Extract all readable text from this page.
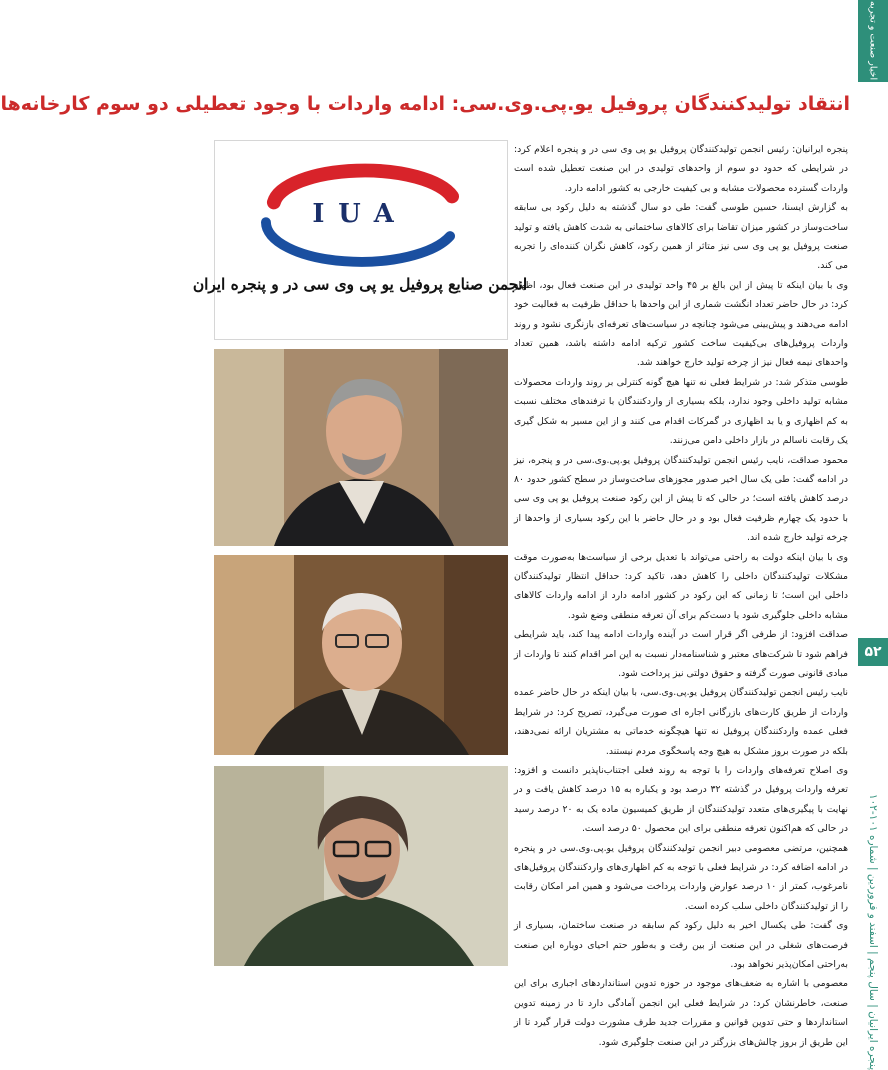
اخبار صنعت و تجربه
پنجره ایرانیان | سال پنجم | اسفند و فروردین | شماره ۱۰۱-۱۰۲
۵۲
انتقاد تولیدکنندگان پروفیل یو.پی.وی.سی: ادامه واردات با وجود تعطیلی دو سوم کارخانه‌ها

پنجره ایرانیان: رئیس انجمن تولیدکنندگان پروفیل یو پی وی سی در و پنجره اعلام کرد: در شرایطی که حدود دو سوم از واحدهای تولیدی در این صنعت تعطیل شده است واردات گسترده محصولات مشابه و بی کیفیت خارجی به کشور ادامه دارد.

به گزارش ایسنا، حسین طوسی گفت: طی دو سال گذشته به دلیل رکود بی سابقه ساخت‌وساز در کشور میزان تقاضا برای کالاهای ساختمانی به شدت کاهش یافته و تولید صنعت پروفیل یو پی وی سی نیز متاثر از همین رکود، کاهش نگران کننده‌ای را تجربه می کند.

وی با بیان اینکه تا پیش از این بالغ بر ۴۵ واحد تولیدی در این صنعت فعال بود، اظهار کرد: در حال حاضر تعداد انگشت شماری از این واحدها با حداقل ظرفیت به فعالیت خود ادامه می‌دهند و پیش‌بینی می‌شود چنانچه در سیاست‌های تعرفه‌ای بازنگری نشود و روند واردات پروفیل‌های بی‌کیفیت ساخت کشور ترکیه ادامه داشته باشد، همین تعداد واحدهای نیمه فعال نیز از چرخه تولید خارج خواهند شد.

طوسی متذکر شد: در شرایط فعلی نه تنها هیچ گونه کنترلی بر روند واردات محصولات مشابه تولید داخلی وجود ندارد، بلکه بسیاری از واردکنندگان با ترفندهای مختلف نسبت به کم اظهاری و یا بد اظهاری در گمرکات اقدام می کنند و از این مسیر به شکل گیری یک رقابت ناسالم در بازار داخلی دامن می‌زنند.

محمود صداقت، نایب رئیس انجمن تولیدکنندگان پروفیل یو.پی.وی.سی در و پنجره، نیز در ادامه گفت: طی یک سال اخیر صدور مجوزهای ساخت‌وساز در سطح کشور حدود ۸۰ درصد کاهش یافته است؛ در حالی که تا پیش از این رکود صنعت پروفیل یو پی وی سی با حدود یک چهارم ظرفیت فعال بود و در حال حاضر با این رکود بسیاری از واحدها از چرخه تولید خارج شده اند.

وی با بیان اینکه دولت به راحتی می‌تواند با تعدیل برخی از سیاست‌ها به‌صورت موقت مشکلات تولیدکنندگان داخلی را کاهش دهد، تاکید کرد: حداقل انتظار تولیدکنندگان داخلی این است؛ تا زمانی که این رکود در کشور ادامه دارد از ادامه واردات کالاهای مشابه داخلی جلوگیری شود یا دست‌کم برای آن تعرفه منطقی وضع شود.

صداقت افزود: از طرفی اگر قرار است در آینده واردات ادامه پیدا کند، باید شرایطی فراهم شود تا شرکت‌های معتبر و شناسنامه‌دار نسبت به این امر اقدام کنند تا واردات از مبادی قانونی صورت گرفته و حقوق دولتی نیز پرداخت شود.

نایب رئیس انجمن تولیدکنندگان پروفیل یو.پی.وی.سی، با بیان اینکه در حال حاضر عمده واردات از طریق کارت‌های بازرگانی اجاره ای صورت می‌گیرد، تصریح کرد: در شرایط فعلی عمده واردکنندگان پروفیل نه تنها هیچگونه خدماتی به مشتریان ارائه نمی‌دهند، بلکه در صورت بروز مشکل به هیچ وجه پاسخگوی مردم نیستند.

وی اصلاح تعرفه‌های واردات را با توجه به روند فعلی اجتناب‌ناپذیر دانست و افزود: تعرفه واردات پروفیل در گذشته ۳۲ درصد بود و یکباره به ۱۵ درصد کاهش یافت و در نهایت با پیگیری‌های متعدد تولیدکنندگان از طریق کمیسیون ماده یک به ۲۰ درصد رسید در حالی که هم‌اکنون تعرفه منطقی برای این محصول ۵۰ درصد است.

همچنین، مرتضی معصومی دبیر انجمن تولیدکنندگان پروفیل یو.پی.وی.سی در و پنجره در ادامه اضافه کرد: در شرایط فعلی با توجه به کم اظهاری‌های واردکنندگان پروفیل‌های نامرغوب، کمتر از ۱۰ درصد عوارض واردات پرداخت می‌شود و همین امر امکان رقابت را از تولیدکنندگان داخلی سلب کرده است.

وی گفت: طی یکسال اخیر به دلیل رکود کم سابقه در صنعت ساختمان، بسیاری از فرصت‌های شغلی در این صنعت از بین رفت و به‌طور حتم احیای دوباره این صنعت به‌راحتی امکان‌پذیر نخواهد بود.

معصومی با اشاره به ضعف‌های موجود در حوزه تدوین استانداردهای اجباری برای این صنعت، خاطرنشان کرد: در شرایط فعلی این انجمن آمادگی دارد تا در زمینه تدوین استانداردها و حتی تدوین قوانین و مقررات جدید طرف مشورت دولت قرار گیرد تا از این طریق از بروز چالش‌های بزرگتر در این صنعت جلوگیری شود.

IUA
انجمن صنایع پروفیل یو پی وی سی در و پنجره ایران
